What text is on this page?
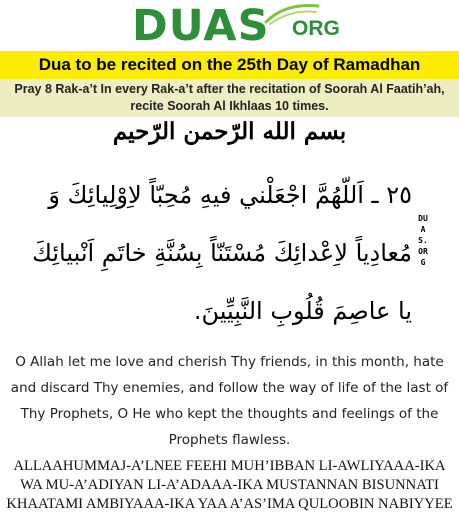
DUAS ORG
Dua to be recited on the 25th Day of Ramadhan
Pray 8 Rak-a’t In every Rak-a’t after the recitation of Soorah Al Faatih’ah, recite Soorah Al Ikhlaas 10 times.
بسم الله الرّحمن الرّحيم
٢٥ ـ اَللّهُمَّ اجْعَلْني فيهِ مُحِبّاً لاِوْلِيائِكَ وَ مُعادِياً لاِعْدائِكَ مُسْتَنّاً بِسُنَّةِ خاتَمِ اَنْبيائِكَ يا عاصِمَ قُلُوبِ النَّبِيِّينَ.
DUAS.ORG
O Allah let me love and cherish Thy friends, in this month, hate and discard Thy enemies, and follow the way of life of the last of Thy Prophets, O He who kept the thoughts and feelings of the Prophets flawless.
ALLAAHUMMAJ-A’LNEE FEEHI MUH’IBBAN LI-AWLIYAAA-IKA WA MU-A’ADIYAN LI-A’ADAAA-IKA MUSTANNAN BISUNNATI KHAATAMI AMBIYAAA-IKA YAA A’AS’IMA QULOOBIN NABIYYEE
